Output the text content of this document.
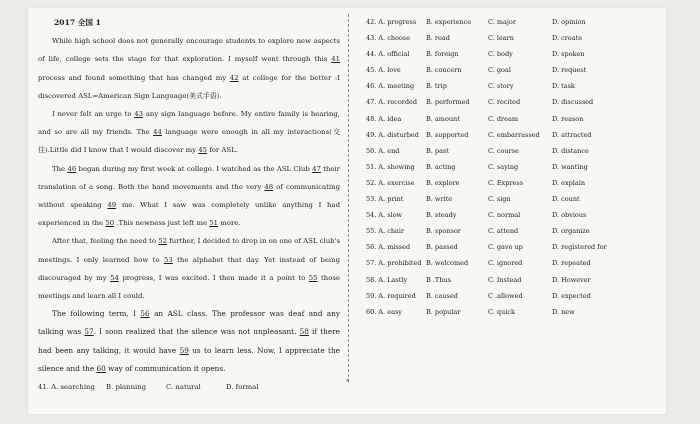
2017 全国 1

While high school does not generally encourage students to explore new aspects of life, college sets the stage for that exploration. I myself went through this 41 process and found something that has changed my 42 at college for the better :I discovered ASL=American Sign Language(美式手语).

I never felt an urge to 43 any sign language before. My entire family is hearing, and so are all my friends. The 44 language were enough in all my interactions(交往).Little did I know that I would discover my 45 for ASL.

The 46 began during my first week at college. I watched as the ASL Club 47 their translation of a song. Both the hand movements and the very 48 of communicating without speaking 49 me. What I saw was completely unlike anything I had experienced in the 50 .This newness just left me 51 more.

After that, feeling the need to 52 further, I decided to drop in on one of ASL club's meetings. I only learned how to 53 the alphabet that day. Yet instead of being discouraged by my 54 progress, I was excited. I then made it a point to 55 those meetings and learn all I could.

The following term, I 56 an ASL class. The professor was deaf and any talking was 57. I soon realized that the silence was not unpleasant. 58 if there had been any talking, it would have 59 us to learn less. Now, I appreciate the silence and the 60 way of communication it opens.

41. A. searching	B. planning	C. natural	D. formal
4
42. A. progress B. experience	C. major	D. opinion
43. A. choose B. read	C. learn	D. create
44. A. official	B. foreign	C. body	D. spoken
45. A. love	B. concern	C. goal	D. request
46. A. meeting B. trip	C. story	D. task
47. A. recorded B. performed	C. recited	D. discussed
48. A. idea	B. amount	C. dream	D. reason
49. A. disturbed B. supported	C. embarrassed D. attracted
50. A. end	B. past	C. course	D. distance
51. A. showing B. acting	C. saying	D. wanting
52. A. exercise B. explore	C. Express	D. explain
53. A. print	B. write	C. sign	D. count
54. A. slow	B. steady	C. normal	D. obvious
55. A. chair	B. sponsor	C. attend	D. organize
56. A. missed B. passed	C. gave up	D. registered for
57. A. prohibited B. welcomed	C. ignored	D. repeated
58. A. Lastly	B .Thus	C. Instead	D. However
59. A. required B. caused	C .allowed	D. expected
60. A. easy	B. popular	C. quick	D. new
